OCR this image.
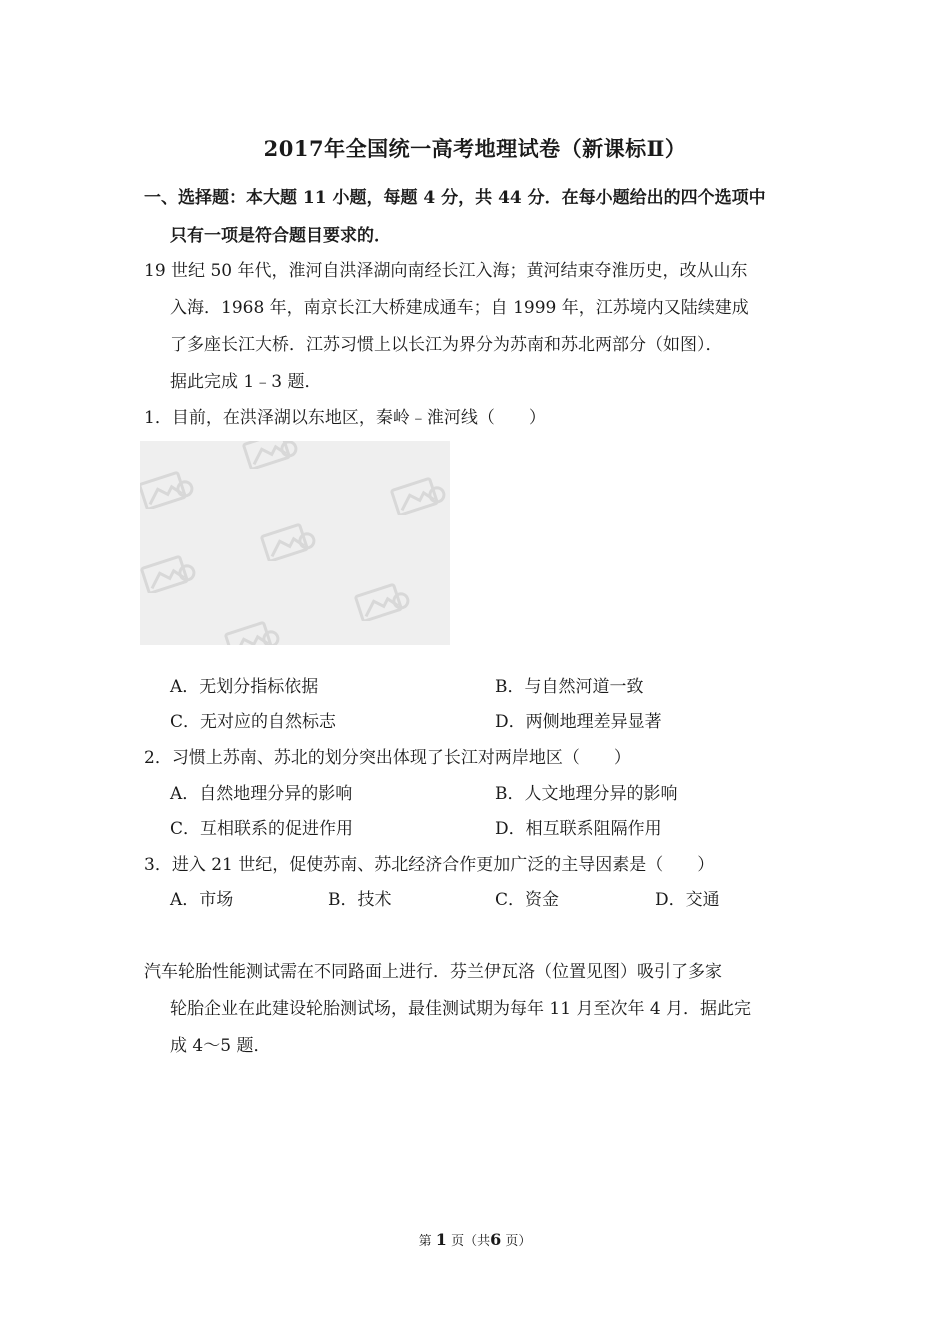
2017年全国统一高考地理试卷（新课标Ⅱ）
一、选择题：本大题 11 小题，每题 4 分，共 44 分．在每小题给出的四个选项中
只有一项是符合题目要求的．
19 世纪 50 年代，淮河自洪泽湖向南经长江入海；黄河结束夺淮历史，改从山东
入海．1968 年，南京长江大桥建成通车；自 1999 年，江苏境内又陆续建成
了多座长江大桥．江苏习惯上以长江为界分为苏南和苏北两部分（如图）．
据此完成 1﹣3 题．
1．目前，在洪泽湖以东地区，秦岭﹣淮河线（　　）
A．无划分指标依据	B．与自然河道一致
C．无对应的自然标志	D．两侧地理差异显著
2．习惯上苏南、苏北的划分突出体现了长江对两岸地区（　　）
A．自然地理分异的影响	B．人文地理分异的影响
C．互相联系的促进作用	D．相互联系阻隔作用
3．进入 21 世纪，促使苏南、苏北经济合作更加广泛的主导因素是（　　）
A．市场	B．技术	C．资金	D．交通
汽车轮胎性能测试需在不同路面上进行．芬兰伊瓦洛（位置见图）吸引了多家
轮胎企业在此建设轮胎测试场，最佳测试期为每年 11 月至次年 4 月．据此完
成 4～5 题．
第 1 页（共6 页）
